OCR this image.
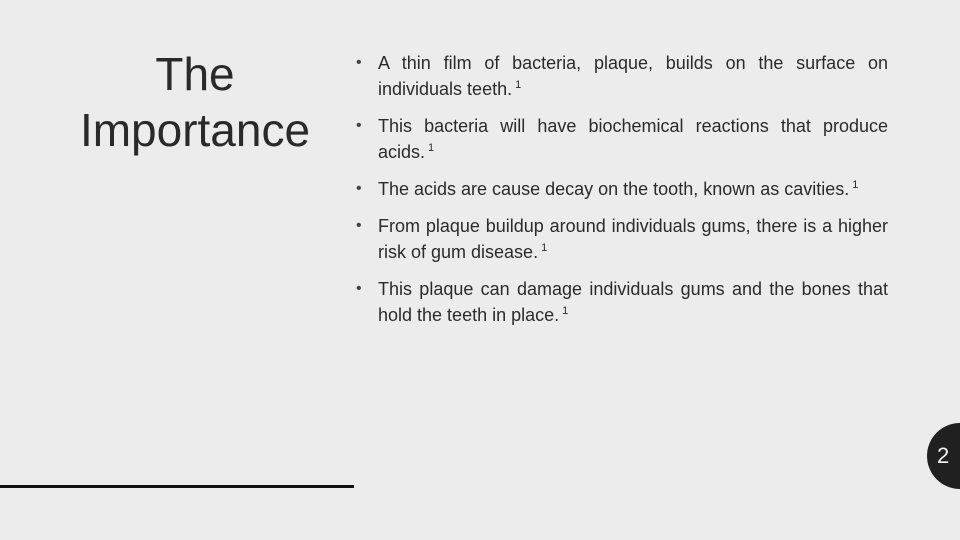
The
Importance
• A thin film of bacteria, plaque, builds on the surface on individuals teeth. $^1$
• This bacteria will have biochemical reactions that produce acids. $^1$
• The acids are cause decay on the tooth, known as cavities. $^1$
• From plaque buildup around individuals gums, there is a higher risk of gum disease. $^1$
• This plaque can damage individuals gums and the bones that hold the teeth in place. $^1$
2
